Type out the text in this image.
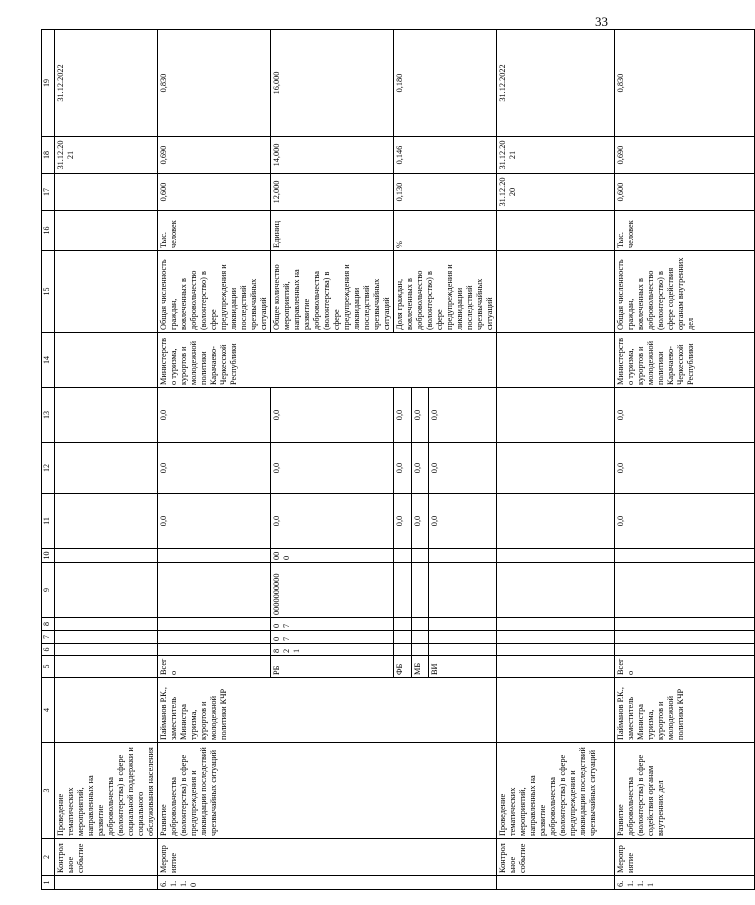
33
1	2	3	4	5	6	7	8	9	10	11	12	13	14	15	16	17	18	19
	Контрольное событие	Проведение тематических мероприятий, направленных на развитие добровольчества (волонтерства) в сфере социальной поддержки и социального обслуживания населения															31.12.2021	31.12.2022
6.1.1.0	Мероприятие	Развитие добровольчества (волонтерства) в сфере предупреждения и ликвидации последствий чрезвычайных ситуаций	Пайманов Р.К., заместитель Министра туризма, курортов и молодежной политики КЧР	Всего						0,0	0,0	0,0	Министерство туризма, курортов и молодежной политики Карачаево-Черкесской Республики	Общая численность граждан, вовлеченных в добровольчество (волонтерство) в сфере предупреждения и ликвидации последствий чрезвычайных ситуаций	Тыс. человек	0,600	0,690	0,830
				РБ	821	07	07	0000000000	000	0,0	0,0	0,0		Общее количество мероприятий, направленных на развитие добровольчества (волонтерства) в сфере предупреждения и ликвидации последствий чрезвычайных ситуаций	Единиц	12,000	14,000	16,000
				ФБ						0,0	0,0	0,0		Доля граждан, вовлеченных в добровольчество (волонтерство) в сфере предупреждения и ликвидации последствий чрезвычайных ситуаций	%	0,130	0,146	0,180
				МБ						0,0	0,0	0,0						
				ВИ						0,0	0,0	0,0						
	Контрольное событие	Проведение тематических мероприятий, направленных на развитие добровольчества (волонтерства) в сфере предупреждения и ликвидации последствий чрезвычайных ситуаций														31.12.2020	31.12.2021	31.12.2022
6.1.1.1	Мероприятие	Развитие добровольчества (волонтерства) в сфере содействия органам внутренних дел	Пайманов Р.К., заместитель Министра туризма, курортов и молодежной политики КЧР	Всего						0,0	0,0	0,0	Министерство туризма, курортов и молодежной политики Карачаево-Черкесской Республики	Общая численность граждан, вовлеченных в добровольчество (волонтерство) в сфере содействия органам внутренних дел	Тыс. человек	0,600	0,690	0,830
